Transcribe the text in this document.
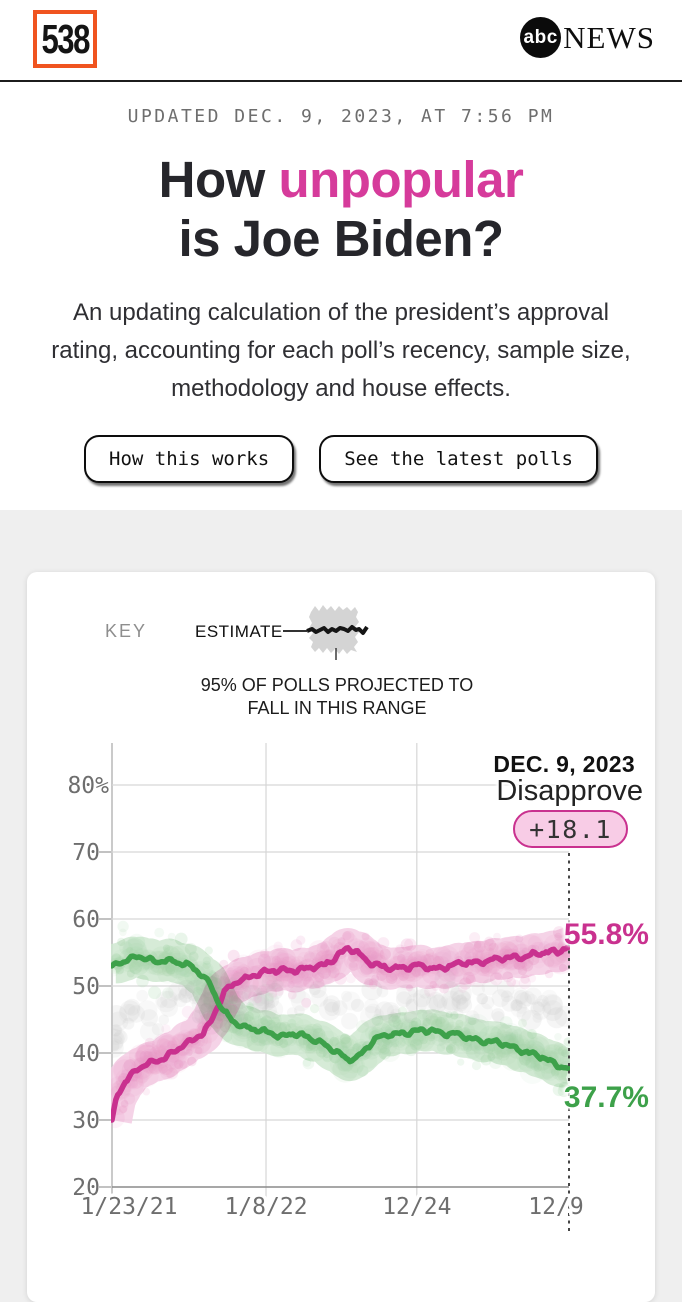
538	abc NEWS
UPDATED DEC. 9, 2023, AT 7:56 PM
How unpopular
is Joe Biden?

An updating calculation of the president’s approval rating, accounting for each poll’s recency, sample size, methodology and house effects.

How this works	See the latest polls
KEY	ESTIMATE
95% OF POLLS PROJECTED TO
FALL IN THIS RANGE
80%
70
60
50
40
30
20
1/23/21 1/8/22	12/24	12/9
DEC. 9, 2023
Disapprove
+18.1
55.8%
37.7%
